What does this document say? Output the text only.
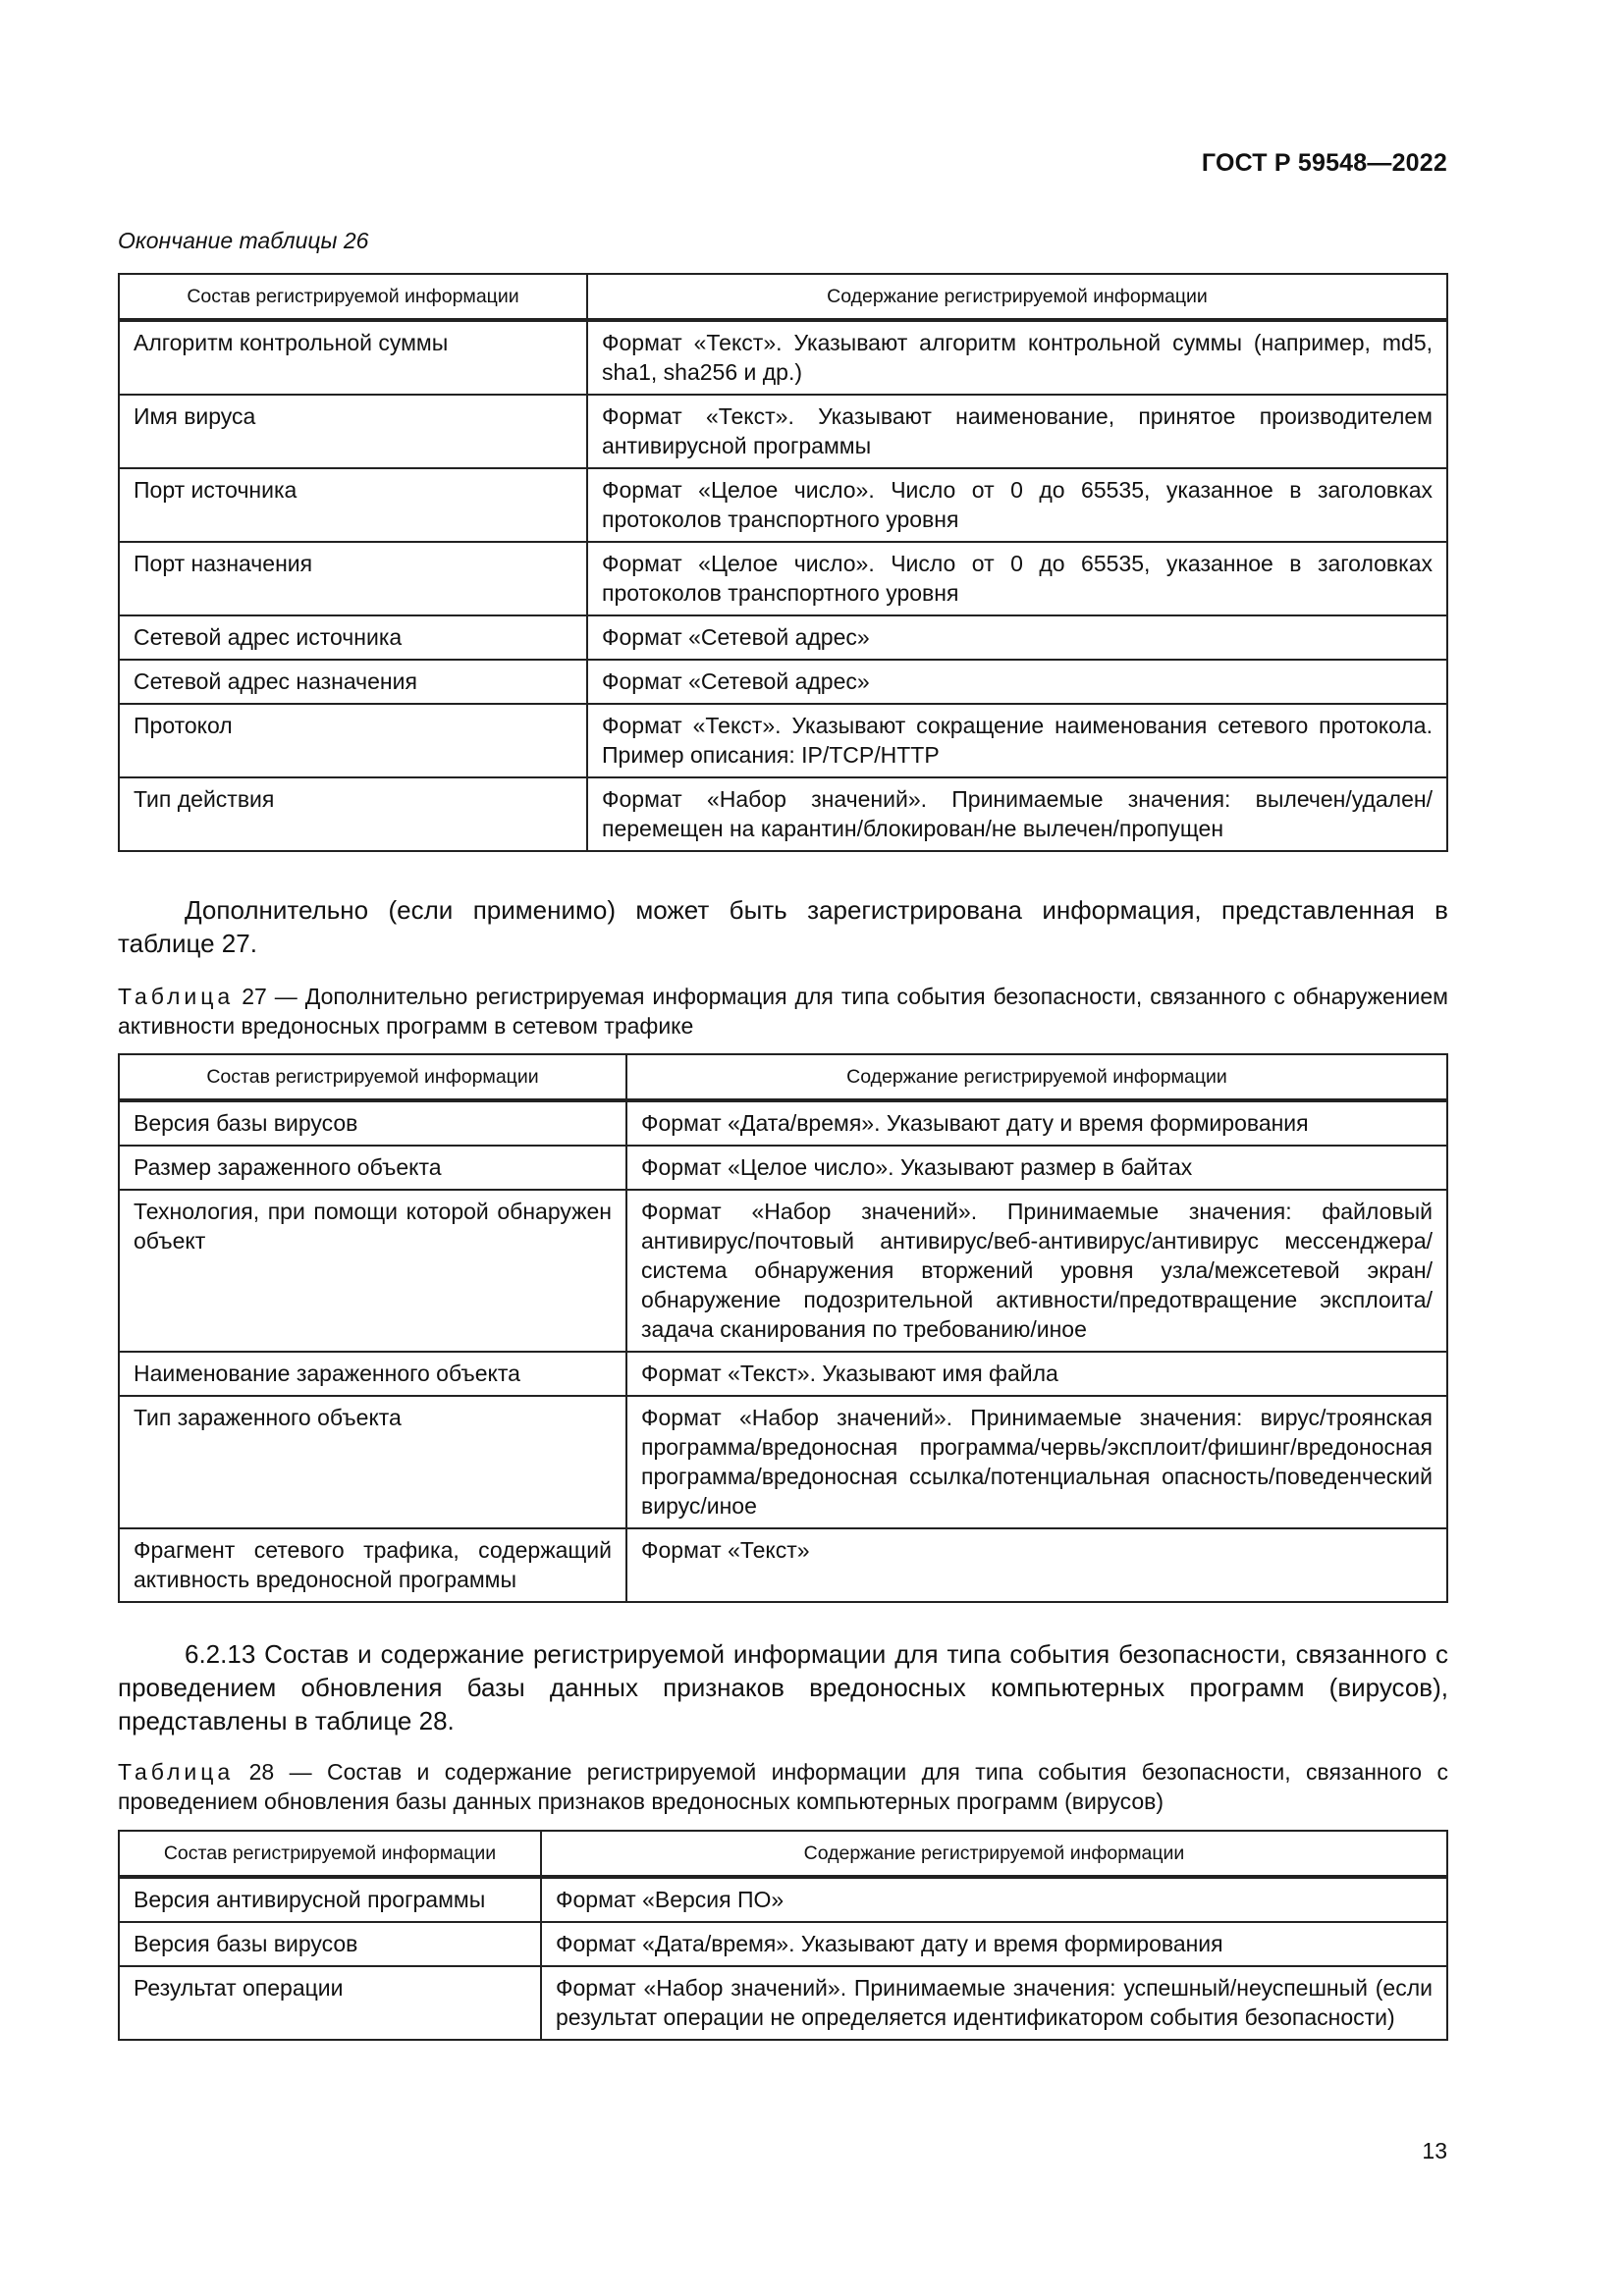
ГОСТ Р 59548—2022
Окончание таблицы 26
Состав регистрируемой информации	Содержание регистрируемой информации
Алгоритм контрольной суммы	Формат «Текст». Указывают алгоритм контрольной суммы (например, md5, sha1, sha256 и др.)
Имя вируса	Формат «Текст». Указывают наименование, принятое производителем антивирусной программы
Порт источника	Формат «Целое число». Число от 0 до 65535, указанное в заголовках протоколов транспортного уровня
Порт назначения	Формат «Целое число». Число от 0 до 65535, указанное в заголовках протоколов транспортного уровня
Сетевой адрес источника	Формат «Сетевой адрес»
Сетевой адрес назначения	Формат «Сетевой адрес»
Протокол	Формат «Текст». Указывают сокращение наименования сетевого протокола. Пример описания: IP/TCP/HTTP
Тип действия	Формат «Набор значений». Принимаемые значения: вылечен/удален/перемещен на карантин/блокирован/не вылечен/пропущен
Дополнительно (если применимо) может быть зарегистрирована информация, представленная в таблице 27.
Таблица 27 — Дополнительно регистрируемая информация для типа события безопасности, связанного с обнаружением активности вредоносных программ в сетевом трафике
Состав регистрируемой информации	Содержание регистрируемой информации
Версия базы вирусов	Формат «Дата/время». Указывают дату и время формирования
Размер зараженного объекта	Формат «Целое число». Указывают размер в байтах
Технология, при помощи которой обнаружен объект	Формат «Набор значений». Принимаемые значения: файловый антивирус/почтовый антивирус/веб-антивирус/антивирус мессенджера/система обнаружения вторжений уровня узла/межсетевой экран/обнаружение подозрительной активности/предотвращение эксплоита/задача сканирования по требованию/иное
Наименование зараженного объекта	Формат «Текст». Указывают имя файла
Тип зараженного объекта	Формат «Набор значений». Принимаемые значения: вирус/троянская программа/вредоносная программа/червь/эксплоит/фишинг/вредоносная программа/вредоносная ссылка/потенциальная опасность/поведенческий вирус/иное
Фрагмент сетевого трафика, содержащий активность вредоносной программы	Формат «Текст»
6.2.13 Состав и содержание регистрируемой информации для типа события безопасности, связанного с проведением обновления базы данных признаков вредоносных компьютерных программ (вирусов), представлены в таблице 28.
Таблица 28 — Состав и содержание регистрируемой информации для типа события безопасности, связанного с проведением обновления базы данных признаков вредоносных компьютерных программ (вирусов)
Состав регистрируемой информации	Содержание регистрируемой информации
Версия антивирусной программы	Формат «Версия ПО»
Версия базы вирусов	Формат «Дата/время». Указывают дату и время формирования
Результат операции	Формат «Набор значений». Принимаемые значения: успешный/неуспешный (если результат операции не определяется идентификатором события безопасности)
13
